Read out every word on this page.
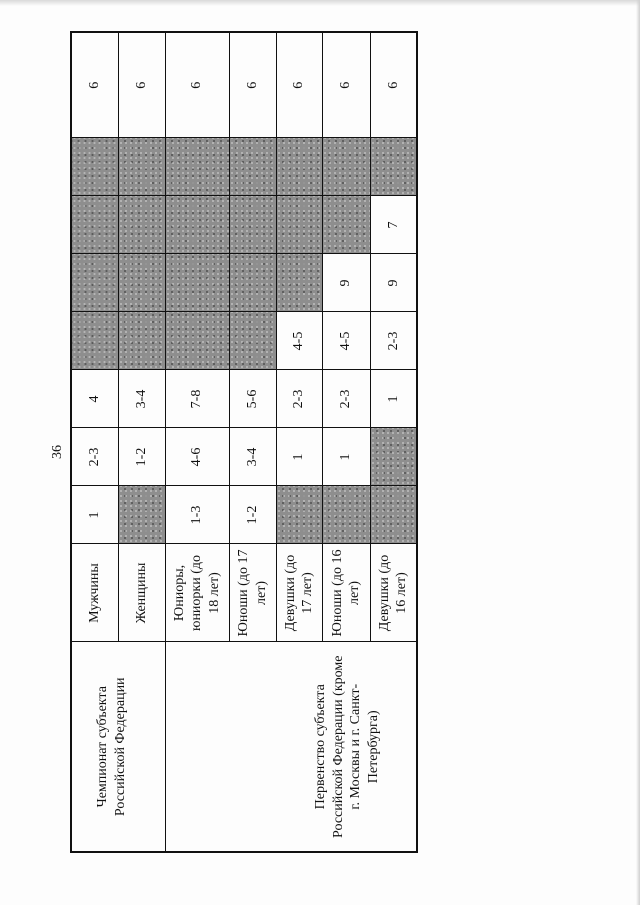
36
Чемпионат субъекта Российской Федерации	Мужчины	1	2-3	4					6
	Женщины		1-2	3-4					6
Первенство субъекта Российской Федерации (кроме г. Москвы и г. Санкт-Петербурга)	Юниоры, юниорки (до 18 лет)	1-3	4-6	7-8					6
	Юноши (до 17 лет)	1-2	3-4	5-6					6
	Девушки (до 17 лет)		1	2-3	4-5				6
	Юноши (до 16 лет)		1	2-3	4-5	9			6
	Девушки (до 16 лет)			1	2-3	9	7		6
